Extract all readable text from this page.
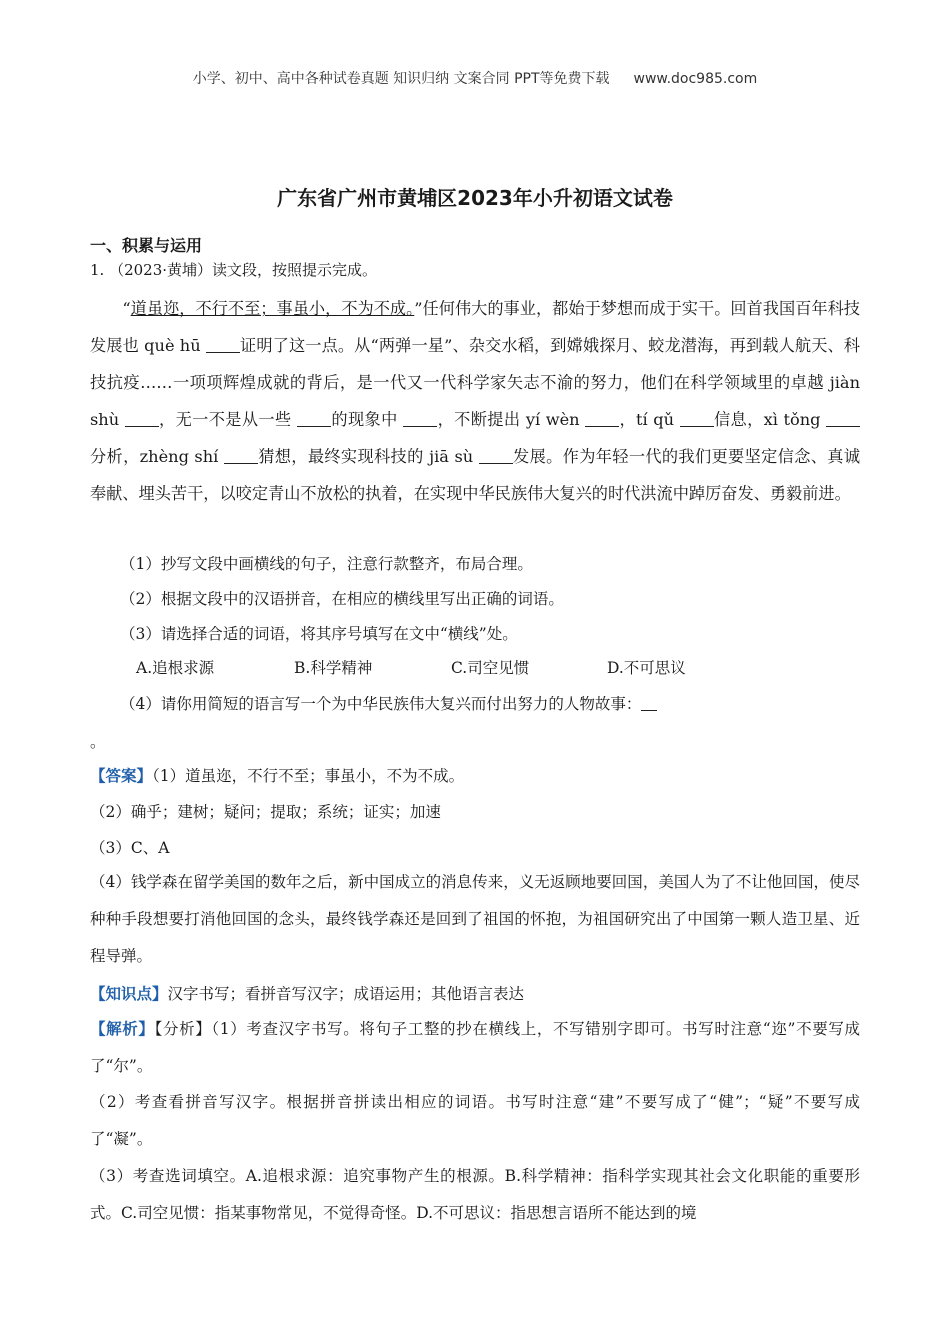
小学、初中、高中各种试卷真题 知识归纳 文案合同 PPT等免费下载 www.doc985.com
广东省广州市黄埔区2023年小升初语文试卷
一、积累与运用
1. （2023·黄埔）读文段，按照提示完成。
“道虽迩，不行不至；事虽小，不为不成。”任何伟大的事业，都始于梦想而成于实干。回首我国百年科技发展也 què hū 证明了这一点。从“两弹一星”、杂交水稻，到嫦娥探月、蛟龙潜海，再到载人航天、科技抗疫……一项项辉煌成就的背后，是一代又一代科学家矢志不渝的努力，他们在科学领域里的卓越 jiàn shù ，无一不是从一些 的现象中 ，不断提出 yí wèn ，tí qǔ 信息，xì tǒng 分析，zhèng shí 猜想，最终实现科技的 jiā sù 发展。作为年轻一代的我们更要坚定信念、真诚奉献、埋头苦干，以咬定青山不放松的执着，在实现中华民族伟大复兴的时代洪流中踔厉奋发、勇毅前进。
（1）抄写文段中画横线的句子，注意行款整齐，布局合理。
（2）根据文段中的汉语拼音，在相应的横线里写出正确的词语。
（3）请选择合适的词语，将其序号填写在文中“横线”处。
A.追根求源	B.科学精神	C.司空见惯	D.不可思议
（4）请你用简短的语言写一个为中华民族伟大复兴而付出努力的人物故事：
。
【答案】（1）道虽迩，不行不至；事虽小，不为不成。
（2）确乎；建树；疑问；提取；系统；证实；加速
（3）C、A
（4）钱学森在留学美国的数年之后，新中国成立的消息传来，义无返顾地要回国，美国人为了不让他回国，使尽种种手段想要打消他回国的念头，最终钱学森还是回到了祖国的怀抱，为祖国研究出了中国第一颗人造卫星、近程导弹。
【知识点】汉字书写；看拼音写汉字；成语运用；其他语言表达
【解析】【分析】（1）考查汉字书写。将句子工整的抄在横线上，不写错别字即可。书写时注意“迩”不要写成了“尔”。
（2）考查看拼音写汉字。根据拼音拼读出相应的词语。书写时注意“建”不要写成了“健”；“疑”不要写成了“凝”。
（3）考查选词填空。A.追根求源：追究事物产生的根源。B.科学精神：指科学实现其社会文化职能的重要形式。C.司空见惯：指某事物常见，不觉得奇怪。D.不可思议：指思想言语所不能达到的境
